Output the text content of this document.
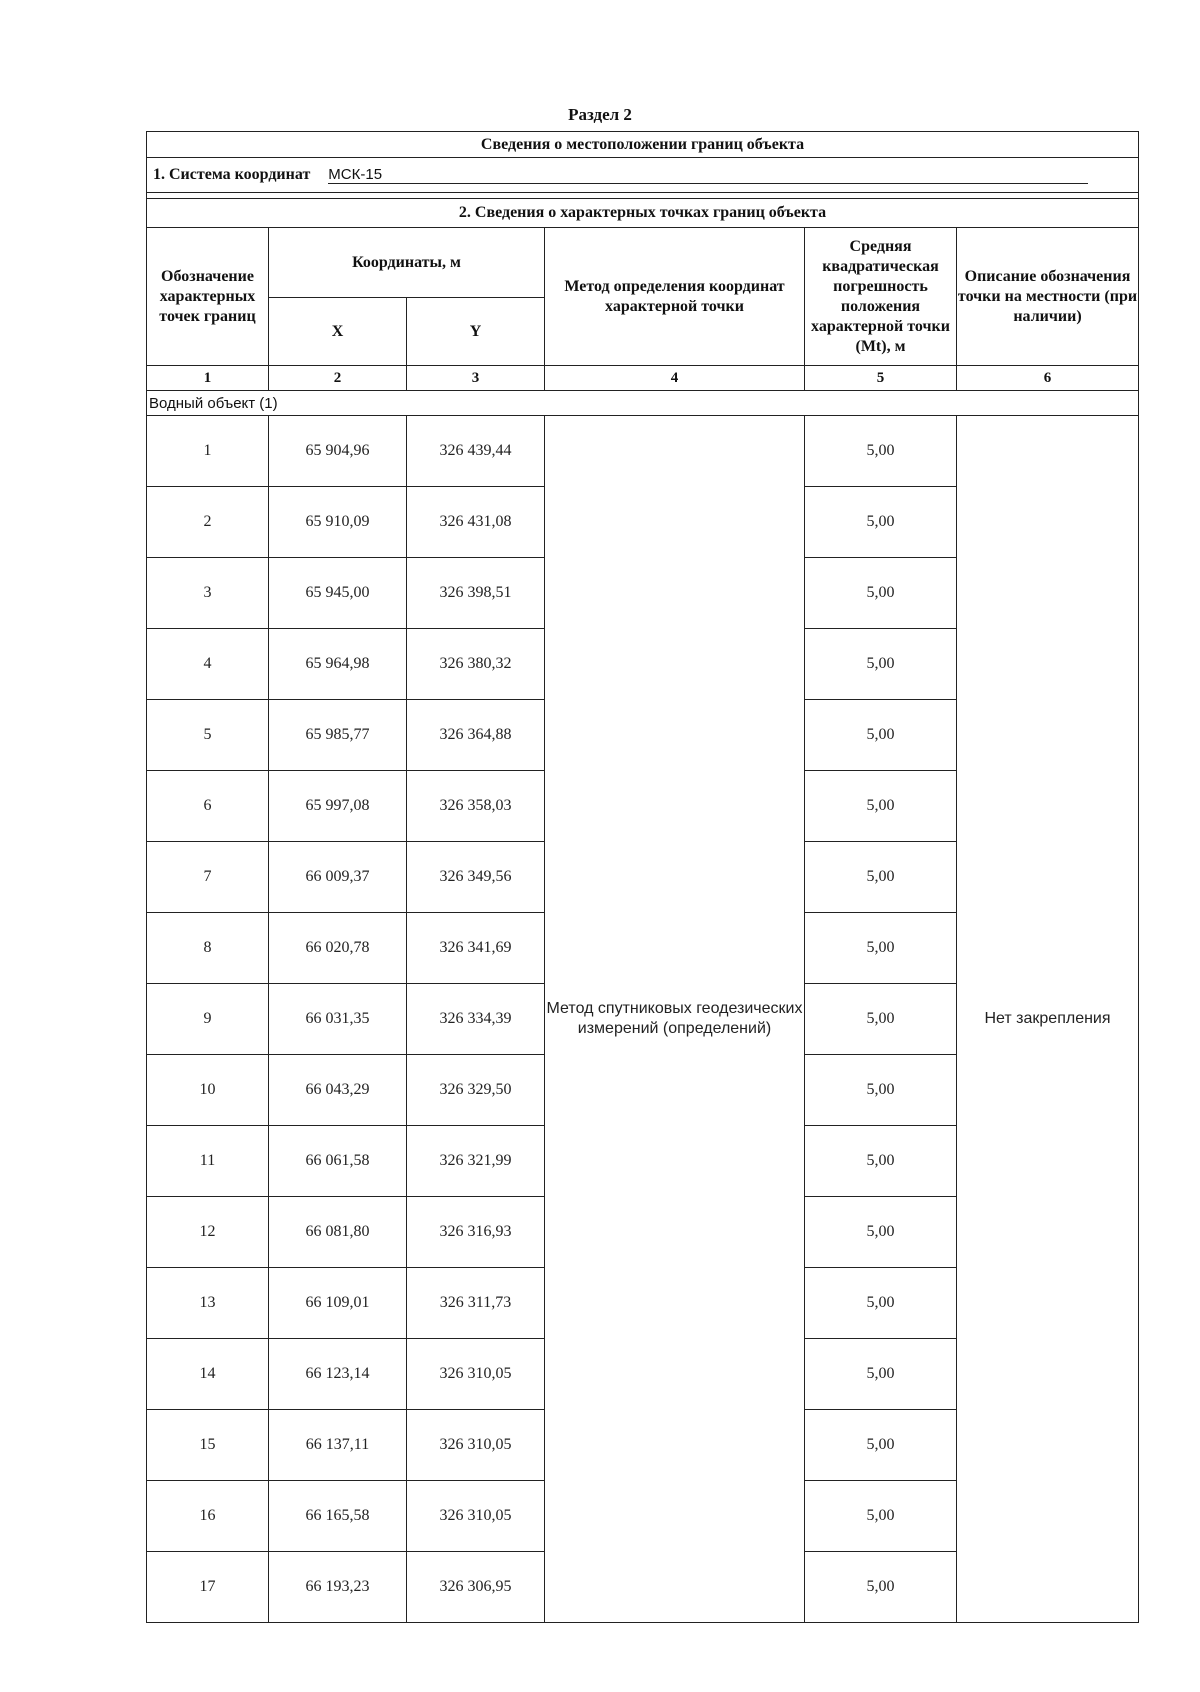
Раздел 2
Сведения о местоположении границ объекта					
1. Система координат МСК-15					

2. Сведения о характерных точках границ объекта					
Обозначение характерных точек границ	Координаты, м		Метод определения координат характерной точки	Средняя квадратическая погрешность положения характерной точки (Mt), м	Описание обозначения точки на местности (при наличии)
	X	Y			
1	2	3	4	5	6
Водный объект (1)					
1	65 904,96	326 439,44	Метод спутниковых геодезических измерений (определений)	5,00	Нет закрепления
2	65 910,09	326 431,08		5,00	
3	65 945,00	326 398,51		5,00	
4	65 964,98	326 380,32		5,00	
5	65 985,77	326 364,88		5,00	
6	65 997,08	326 358,03		5,00	
7	66 009,37	326 349,56		5,00	
8	66 020,78	326 341,69		5,00	
9	66 031,35	326 334,39		5,00	
10	66 043,29	326 329,50		5,00	
11	66 061,58	326 321,99		5,00	
12	66 081,80	326 316,93		5,00	
13	66 109,01	326 311,73		5,00	
14	66 123,14	326 310,05		5,00	
15	66 137,11	326 310,05		5,00	
16	66 165,58	326 310,05		5,00	
17	66 193,23	326 306,95		5,00	
